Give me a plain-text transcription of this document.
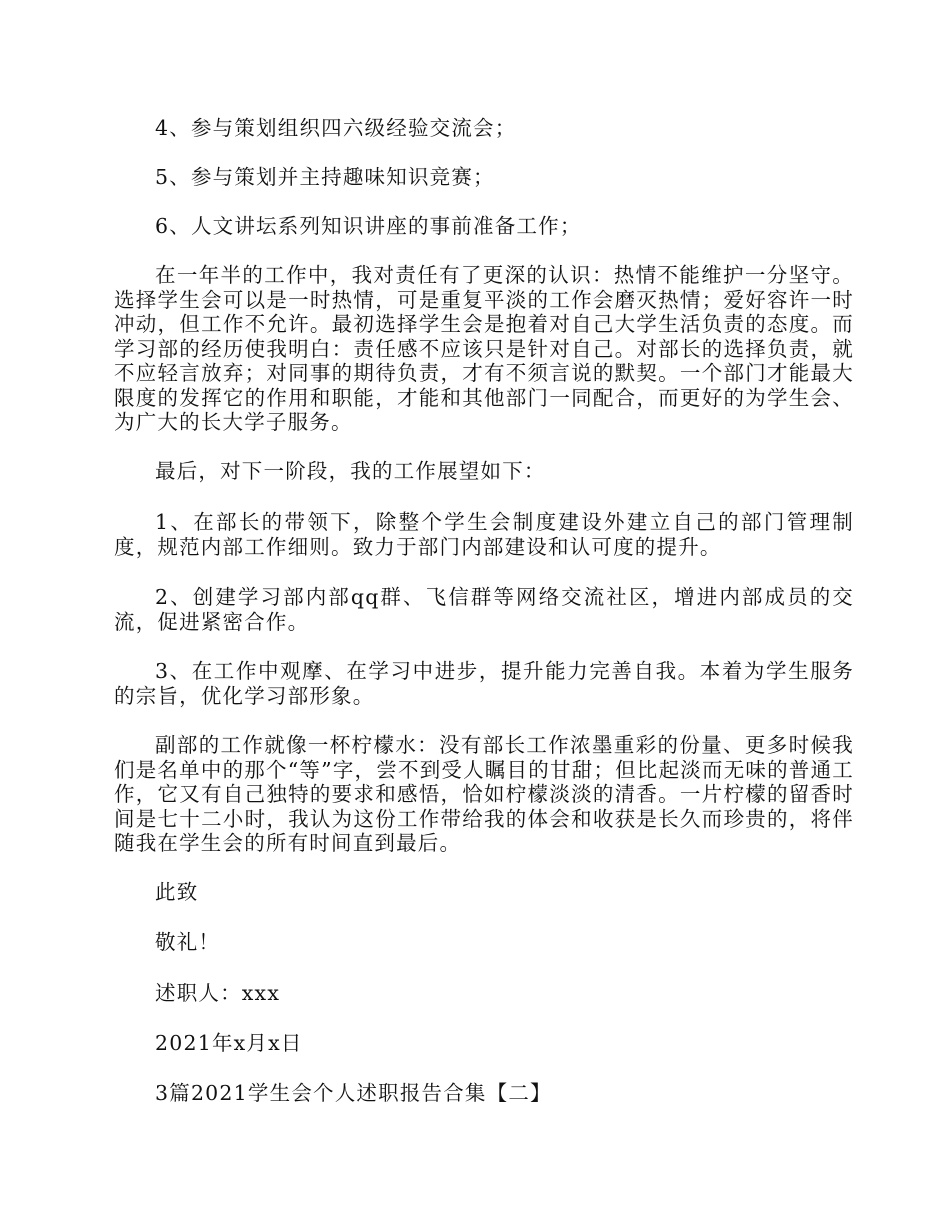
4、参与策划组织四六级经验交流会；

5、参与策划并主持趣味知识竞赛；

6、人文讲坛系列知识讲座的事前准备工作；

在一年半的工作中，我对责任有了更深的认识：热情不能维护一分坚守。选择学生会可以是一时热情，可是重复平淡的工作会磨灭热情；爱好容许一时冲动，但工作不允许。最初选择学生会是抱着对自己大学生活负责的态度。而学习部的经历使我明白：责任感不应该只是针对自己。对部长的选择负责，就不应轻言放弃；对同事的期待负责，才有不须言说的默契。一个部门才能最大限度的发挥它的作用和职能，才能和其他部门一同配合，而更好的为学生会、为广大的长大学子服务。

最后，对下一阶段，我的工作展望如下：

1、在部长的带领下，除整个学生会制度建设外建立自己的部门管理制度，规范内部工作细则。致力于部门内部建设和认可度的提升。

2、创建学习部内部qq群、飞信群等网络交流社区，增进内部成员的交流，促进紧密合作。

3、在工作中观摩、在学习中进步，提升能力完善自我。本着为学生服务的宗旨，优化学习部形象。

副部的工作就像一杯柠檬水：没有部长工作浓墨重彩的份量、更多时候我们是名单中的那个“等”字，尝不到受人瞩目的甘甜；但比起淡而无味的普通工作，它又有自己独特的要求和感悟，恰如柠檬淡淡的清香。一片柠檬的留香时间是七十二小时，我认为这份工作带给我的体会和收获是长久而珍贵的，将伴随我在学生会的所有时间直到最后。

此致

敬礼！

述职人：xxx

2021年x月x日

3篇2021学生会个人述职报告合集【二】
